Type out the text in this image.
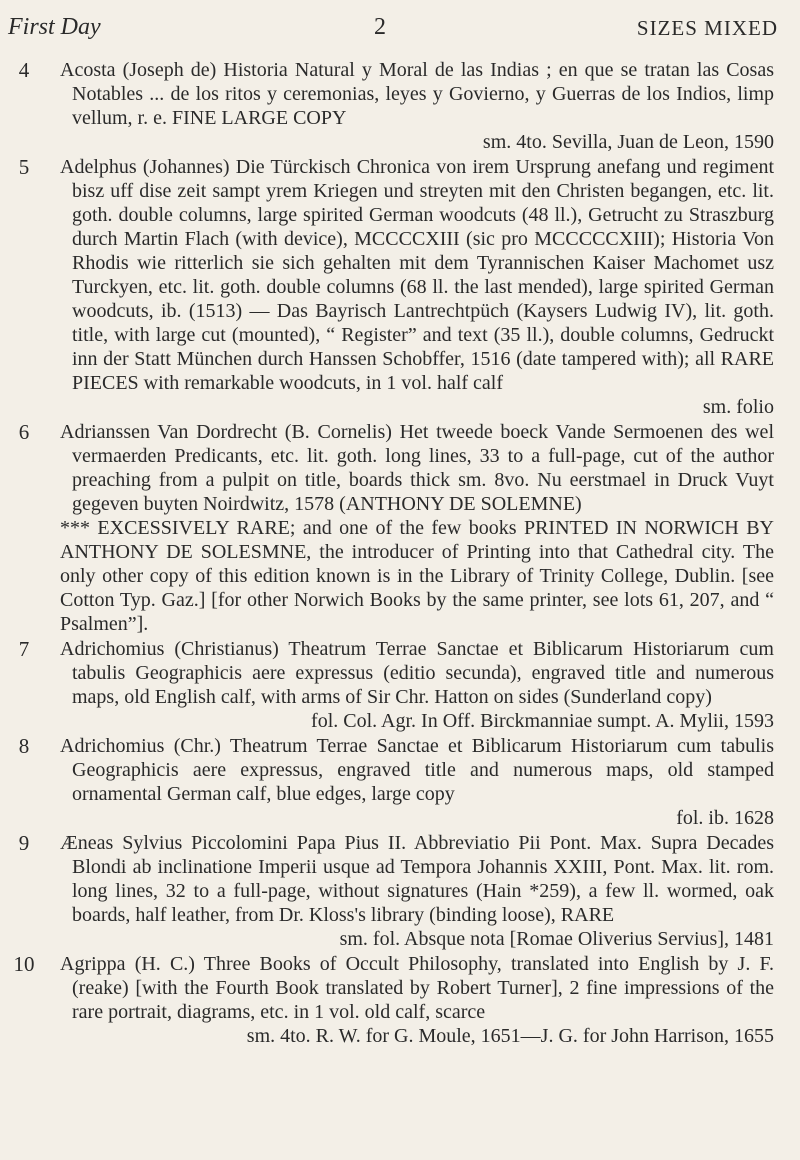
First Day	2	SIZES MIXED
4	Acosta (Joseph de) Historia Natural y Moral de las Indias ; en que se tratan las Cosas Notables ... de los ritos y ceremonias, leyes y Govierno, y Guerras de los Indios, limp vellum, r. e. FINE LARGE COPY

sm. 4to. Sevilla, Juan de Leon, 1590

5	Adelphus (Johannes) Die Türckisch Chronica von irem Ursprung anefang und regiment bisz uff dise zeit sampt yrem Kriegen und streyten mit den Christen begangen, etc. lit. goth. double columns, large spirited German woodcuts (48 ll.), Getrucht zu Straszburg durch Martin Flach (with device), MCCCCXIII (sic pro MCCCCCXIII); Historia Von Rhodis wie ritterlich sie sich gehalten mit dem Tyrannischen Kaiser Machomet usz Turckyen, etc. lit. goth. double columns (68 ll. the last mended), large spirited German woodcuts, ib. (1513) — Das Bayrisch Lantrechtpüch (Kaysers Ludwig IV), lit. goth. title, with large cut (mounted), “ Register” and text (35 ll.), double columns, Gedruckt inn der Statt München durch Hanssen Schobffer, 1516 (date tampered with); all RARE PIECES with remarkable woodcuts, in 1 vol. half calf

sm. folio

6	Adrianssen Van Dordrecht (B. Cornelis) Het tweede boeck Vande Sermoenen des wel vermaerden Predicants, etc. lit. goth. long lines, 33 to a full-page, cut of the author preaching from a pulpit on title, boards thick sm. 8vo. Nu eerstmael in Druck Vuyt gegeven buyten Noirdwitz, 1578 (ANTHONY DE SOLEMNE)

*** EXCESSIVELY RARE; and one of the few books PRINTED IN NORWICH BY ANTHONY DE SOLESMNE, the introducer of Printing into that Cathedral city. The only other copy of this edition known is in the Library of Trinity College, Dublin. [see Cotton Typ. Gaz.] [for other Norwich Books by the same printer, see lots 61, 207, and “ Psalmen”].
7	Adrichomius (Christianus) Theatrum Terrae Sanctae et Biblicarum Historiarum cum tabulis Geographicis aere expressus (editio secunda), engraved title and numerous maps, old English calf, with arms of Sir Chr. Hatton on sides (Sunderland copy)

fol. Col. Agr. In Off. Birckmanniae sumpt. A. Mylii, 1593

8	Adrichomius (Chr.) Theatrum Terrae Sanctae et Biblicarum Historiarum cum tabulis Geographicis aere expressus, engraved title and numerous maps, old stamped ornamental German calf, blue edges, large copy

fol. ib. 1628

9	Æneas Sylvius Piccolomini Papa Pius II. Abbreviatio Pii Pont. Max. Supra Decades Blondi ab inclinatione Imperii usque ad Tempora Johannis XXIII, Pont. Max. lit. rom. long lines, 32 to a full-page, without signatures (Hain *259), a few ll. wormed, oak boards, half leather, from Dr. Kloss's library (binding loose), RARE

sm. fol. Absque nota [Romae Oliverius Servius], 1481

10	Agrippa (H. C.) Three Books of Occult Philosophy, translated into English by J. F.(reake) [with the Fourth Book translated by Robert Turner], 2 fine impressions of the rare portrait, diagrams, etc. in 1 vol. old calf, scarce

sm. 4to. R. W. for G. Moule, 1651—J. G. for John Harrison, 1655
